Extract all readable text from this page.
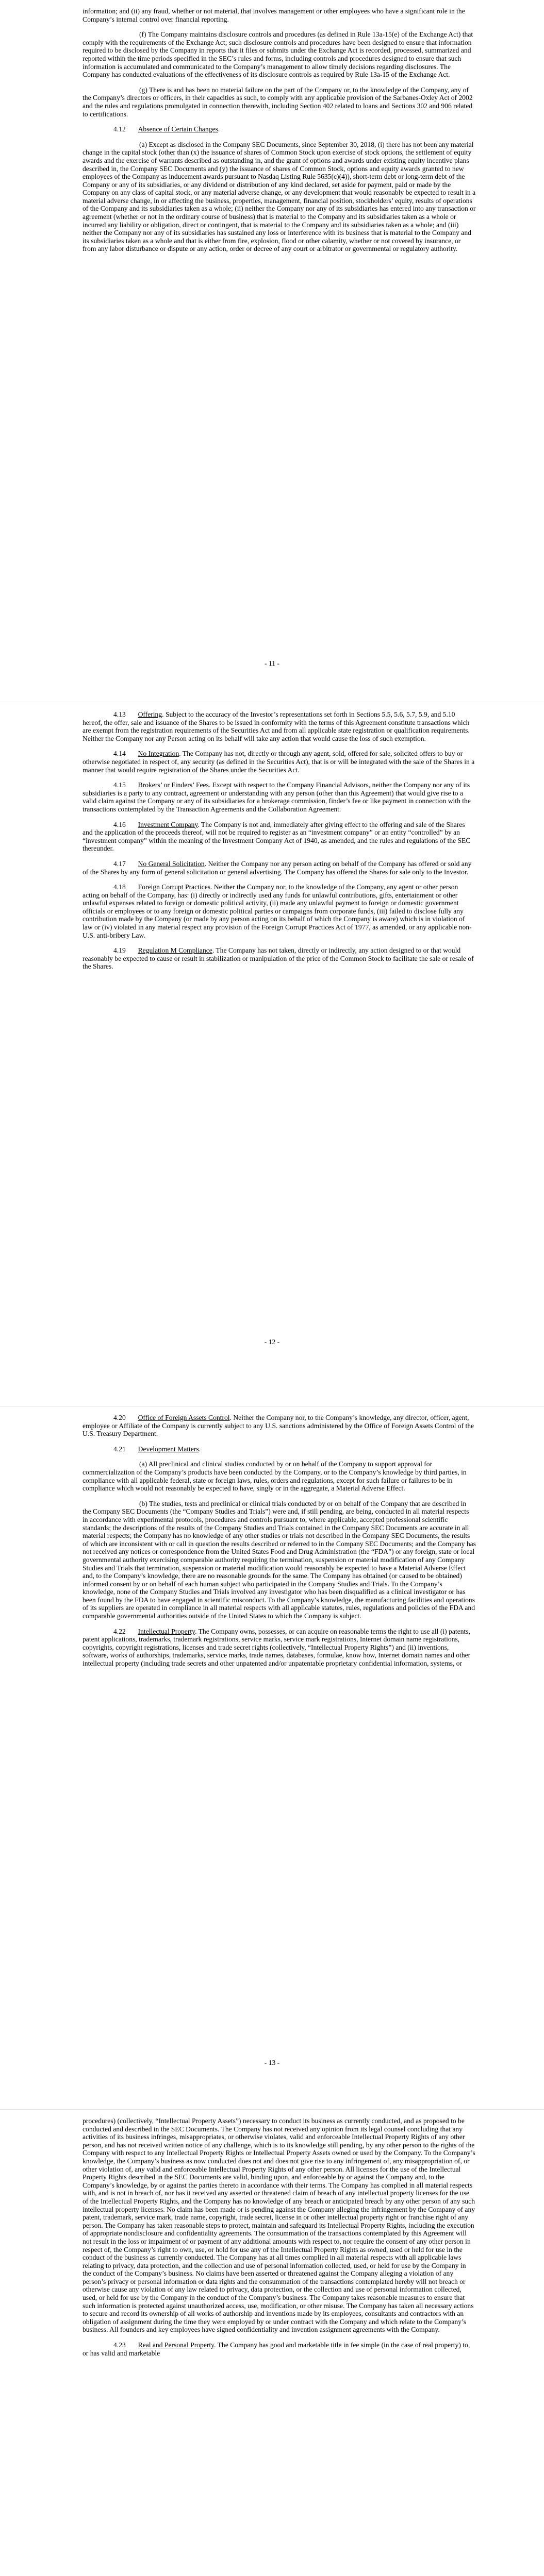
information; and (ii) any fraud, whether or not material, that involves management or other employees who have a significant role in the Company’s internal control over financial reporting.

(f) The Company maintains disclosure controls and procedures (as defined in Rule 13a-15(e) of the Exchange Act) that comply with the requirements of the Exchange Act; such disclosure controls and procedures have been designed to ensure that information required to be disclosed by the Company in reports that it files or submits under the Exchange Act is recorded, processed, summarized and reported within the time periods specified in the SEC’s rules and forms, including controls and procedures designed to ensure that such information is accumulated and communicated to the Company’s management to allow timely decisions regarding disclosures. The Company has conducted evaluations of the effectiveness of its disclosure controls as required by Rule 13a-15 of the Exchange Act.

(g) There is and has been no material failure on the part of the Company or, to the knowledge of the Company, any of the Company’s directors or officers, in their capacities as such, to comply with any applicable provision of the Sarbanes-Oxley Act of 2002 and the rules and regulations promulgated in connection therewith, including Section 402 related to loans and Sections 302 and 906 related to certifications.

4.12 Absence of Certain Changes.

(a) Except as disclosed in the Company SEC Documents, since September 30, 2018, (i) there has not been any material change in the capital stock (other than (x) the issuance of shares of Common Stock upon exercise of stock options, the settlement of equity awards and the exercise of warrants described as outstanding in, and the grant of options and awards under existing equity incentive plans described in, the Company SEC Documents and (y) the issuance of shares of Common Stock, options and equity awards granted to new employees of the Company as inducement awards pursuant to Nasdaq Listing Rule 5635(c)(4)), short-term debt or long-term debt of the Company or any of its subsidiaries, or any dividend or distribution of any kind declared, set aside for payment, paid or made by the Company on any class of capital stock, or any material adverse change, or any development that would reasonably be expected to result in a material adverse change, in or affecting the business, properties, management, financial position, stockholders’ equity, results of operations of the Company and its subsidiaries taken as a whole; (ii) neither the Company nor any of its subsidiaries has entered into any transaction or agreement (whether or not in the ordinary course of business) that is material to the Company and its subsidiaries taken as a whole or incurred any liability or obligation, direct or contingent, that is material to the Company and its subsidiaries taken as a whole; and (iii) neither the Company nor any of its subsidiaries has sustained any loss or interference with its business that is material to the Company and its subsidiaries taken as a whole and that is either from fire, explosion, flood or other calamity, whether or not covered by insurance, or from any labor disturbance or dispute or any action, order or decree of any court or arbitrator or governmental or regulatory authority.

- 11 -

4.13 Offering. Subject to the accuracy of the Investor’s representations set forth in Sections 5.5, 5.6, 5.7, 5.9, and 5.10 hereof, the offer, sale and issuance of the Shares to be issued in conformity with the terms of this Agreement constitute transactions which are exempt from the registration requirements of the Securities Act and from all applicable state registration or qualification requirements. Neither the Company nor any Person acting on its behalf will take any action that would cause the loss of such exemption.

4.14 No Integration. The Company has not, directly or through any agent, sold, offered for sale, solicited offers to buy or otherwise negotiated in respect of, any security (as defined in the Securities Act), that is or will be integrated with the sale of the Shares in a manner that would require registration of the Shares under the Securities Act.

4.15 Brokers’ or Finders’ Fees. Except with respect to the Company Financial Advisors, neither the Company nor any of its subsidiaries is a party to any contract, agreement or understanding with any person (other than this Agreement) that would give rise to a valid claim against the Company or any of its subsidiaries for a brokerage commission, finder’s fee or like payment in connection with the transactions contemplated by the Transaction Agreements and the Collaboration Agreement.

4.16 Investment Company. The Company is not and, immediately after giving effect to the offering and sale of the Shares and the application of the proceeds thereof, will not be required to register as an “investment company” or an entity “controlled” by an “investment company” within the meaning of the Investment Company Act of 1940, as amended, and the rules and regulations of the SEC thereunder.

4.17 No General Solicitation. Neither the Company nor any person acting on behalf of the Company has offered or sold any of the Shares by any form of general solicitation or general advertising. The Company has offered the Shares for sale only to the Investor.

4.18 Foreign Corrupt Practices. Neither the Company nor, to the knowledge of the Company, any agent or other person acting on behalf of the Company, has: (i) directly or indirectly used any funds for unlawful contributions, gifts, entertainment or other unlawful expenses related to foreign or domestic political activity, (ii) made any unlawful payment to foreign or domestic government officials or employees or to any foreign or domestic political parties or campaigns from corporate funds, (iii) failed to disclose fully any contribution made by the Company (or made by any person acting on its behalf of which the Company is aware) which is in violation of law or (iv) violated in any material respect any provision of the Foreign Corrupt Practices Act of 1977, as amended, or any applicable non-U.S. anti-bribery Law.

4.19 Regulation M Compliance. The Company has not taken, directly or indirectly, any action designed to or that would reasonably be expected to cause or result in stabilization or manipulation of the price of the Common Stock to facilitate the sale or resale of the Shares.

- 12 -

4.20 Office of Foreign Assets Control. Neither the Company nor, to the Company’s knowledge, any director, officer, agent, employee or Affiliate of the Company is currently subject to any U.S. sanctions administered by the Office of Foreign Assets Control of the U.S. Treasury Department.

4.21 Development Matters.

(a) All preclinical and clinical studies conducted by or on behalf of the Company to support approval for commercialization of the Company’s products have been conducted by the Company, or to the Company’s knowledge by third parties, in compliance with all applicable federal, state or foreign laws, rules, orders and regulations, except for such failure or failures to be in compliance which would not reasonably be expected to have, singly or in the aggregate, a Material Adverse Effect.

(b) The studies, tests and preclinical or clinical trials conducted by or on behalf of the Company that are described in the Company SEC Documents (the “Company Studies and Trials”) were and, if still pending, are being, conducted in all material respects in accordance with experimental protocols, procedures and controls pursuant to, where applicable, accepted professional scientific standards; the descriptions of the results of the Company Studies and Trials contained in the Company SEC Documents are accurate in all material respects; the Company has no knowledge of any other studies or trials not described in the Company SEC Documents, the results of which are inconsistent with or call in question the results described or referred to in the Company SEC Documents; and the Company has not received any notices or correspondence from the United States Food and Drug Administration (the “FDA”) or any foreign, state or local governmental authority exercising comparable authority requiring the termination, suspension or material modification of any Company Studies and Trials that termination, suspension or material modification would reasonably be expected to have a Material Adverse Effect and, to the Company’s knowledge, there are no reasonable grounds for the same. The Company has obtained (or caused to be obtained) informed consent by or on behalf of each human subject who participated in the Company Studies and Trials. To the Company’s knowledge, none of the Company Studies and Trials involved any investigator who has been disqualified as a clinical investigator or has been found by the FDA to have engaged in scientific misconduct. To the Company’s knowledge, the manufacturing facilities and operations of its suppliers are operated in compliance in all material respects with all applicable statutes, rules, regulations and policies of the FDA and comparable governmental authorities outside of the United States to which the Company is subject.

4.22 Intellectual Property. The Company owns, possesses, or can acquire on reasonable terms the right to use all (i) patents, patent applications, trademarks, trademark registrations, service marks, service mark registrations, Internet domain name registrations, copyrights, copyright registrations, licenses and trade secret rights (collectively, “Intellectual Property Rights”) and (ii) inventions, software, works of authorships, trademarks, service marks, trade names, databases, formulae, know how, Internet domain names and other intellectual property (including trade secrets and other unpatented and/or unpatentable proprietary confidential information, systems, or

- 13 -

procedures) (collectively, “Intellectual Property Assets”) necessary to conduct its business as currently conducted, and as proposed to be conducted and described in the SEC Documents. The Company has not received any opinion from its legal counsel concluding that any activities of its business infringes, misappropriates, or otherwise violates, valid and enforceable Intellectual Property Rights of any other person, and has not received written notice of any challenge, which is to its knowledge still pending, by any other person to the rights of the Company with respect to any Intellectual Property Rights or Intellectual Property Assets owned or used by the Company. To the Company’s knowledge, the Company’s business as now conducted does not and does not give rise to any infringement of, any misappropriation of, or other violation of, any valid and enforceable Intellectual Property Rights of any other person. All licenses for the use of the Intellectual Property Rights described in the SEC Documents are valid, binding upon, and enforceable by or against the Company and, to the Company’s knowledge, by or against the parties thereto in accordance with their terms. The Company has complied in all material respects with, and is not in breach of, nor has it received any asserted or threatened claim of breach of any intellectual property licenses for the use of the Intellectual Property Rights, and the Company has no knowledge of any breach or anticipated breach by any other person of any such intellectual property licenses. No claim has been made or is pending against the Company alleging the infringement by the Company of any patent, trademark, service mark, trade name, copyright, trade secret, license in or other intellectual property right or franchise right of any person. The Company has taken reasonable steps to protect, maintain and safeguard its Intellectual Property Rights, including the execution of appropriate nondisclosure and confidentiality agreements. The consummation of the transactions contemplated by this Agreement will not result in the loss or impairment of or payment of any additional amounts with respect to, nor require the consent of any other person in respect of, the Company’s right to own, use, or hold for use any of the Intellectual Property Rights as owned, used or held for use in the conduct of the business as currently conducted. The Company has at all times complied in all material respects with all applicable laws relating to privacy, data protection, and the collection and use of personal information collected, used, or held for use by the Company in the conduct of the Company’s business. No claims have been asserted or threatened against the Company alleging a violation of any person’s privacy or personal information or data rights and the consummation of the transactions contemplated hereby will not breach or otherwise cause any violation of any law related to privacy, data protection, or the collection and use of personal information collected, used, or held for use by the Company in the conduct of the Company’s business. The Company takes reasonable measures to ensure that such information is protected against unauthorized access, use, modification, or other misuse. The Company has taken all necessary actions to secure and record its ownership of all works of authorship and inventions made by its employees, consultants and contractors with an obligation of assignment during the time they were employed by or under contract with the Company and which relate to the Company’s business. All founders and key employees have signed confidentiality and invention assignment agreements with the Company.

4.23 Real and Personal Property. The Company has good and marketable title in fee simple (in the case of real property) to, or has valid and marketable
